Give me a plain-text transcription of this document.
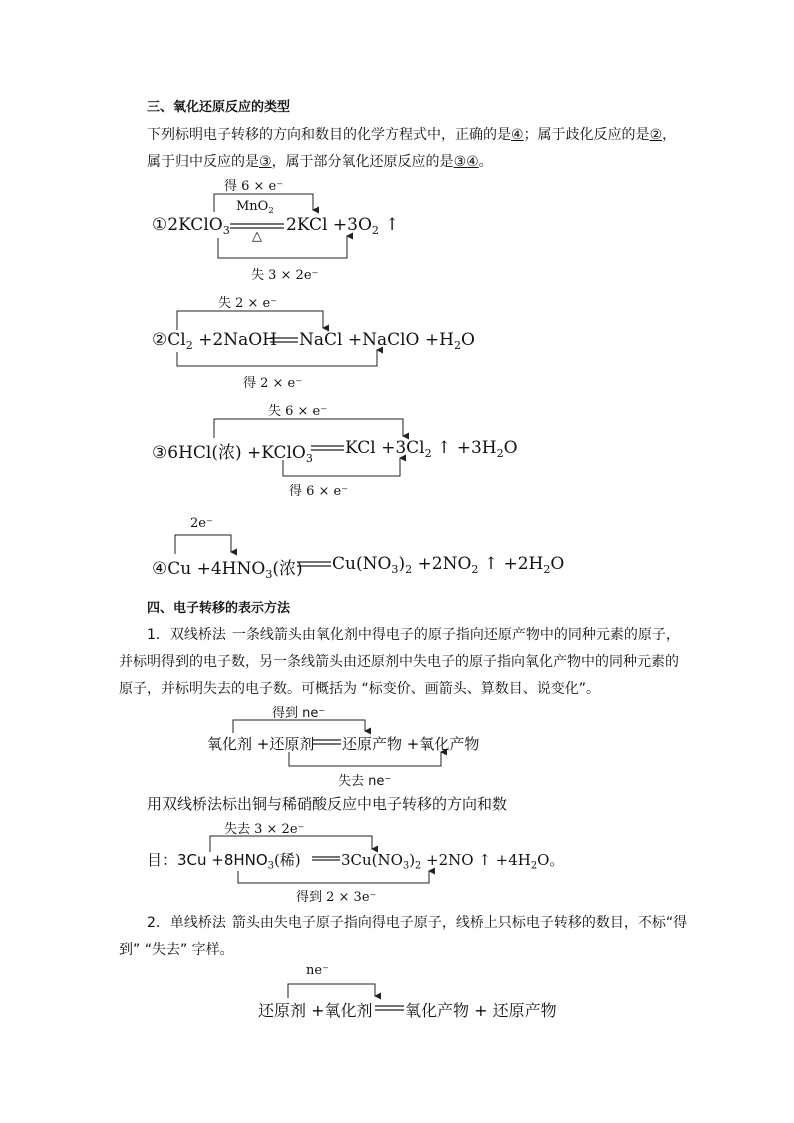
三、氧化还原反应的类型
下列标明电子转移的方向和数目的化学方程式中，正确的是④；属于歧化反应的是②，
属于归中反应的是③，属于部分氧化还原反应的是③④。
得 6 × e⁻
①2KClO$_3$
MnO$_2$
△
$2KCl +3O_2$ ↑
失 3 × 2e⁻
失 2 × e⁻
$②Cl_2$ +2NaOH NaCl +NaClO $+H_2O$
得 2 × e⁻
失 6 × e⁻
③6HCl(浓) +KClO$_3$
KCl $+3Cl_2$ ↑ $+3H_2O$
得 6 × e⁻
2e⁻
④Cu $+4HNO_3$(浓) $Cu(NO_3)_2 +2NO_2$ ↑ $+2H_2O$
四、电子转移的表示方法
1．双线桥法 一条线箭头由氧化剂中得电子的原子指向还原产物中的同种元素的原子，
并标明得到的电子数，另一条线箭头由还原剂中失电子的原子指向氧化产物中的同种元素的
原子，并标明失去的电子数。可概括为 “标变价、画箭头、算数目、说变化”。
得到 ne⁻
氧化剂 +还原剂 还原产物 +氧化产物
失去 ne⁻
用双线桥法标出铜与稀硝酸反应中电子转移的方向和数
失去 3 × 2e⁻
目：$3Cu +8HNO_3$(稀)	$3Cu(NO_3)_2 +2NO$ ↑ $+4H_2O$。
得到 2 × 3e⁻
2．单线桥法 箭头由失电子原子指向得电子原子，线桥上只标电子转移的数目，不标“得
到” “失去” 字样。
ne⁻
还原剂 +氧化剂 氧化产物 + 还原产物
